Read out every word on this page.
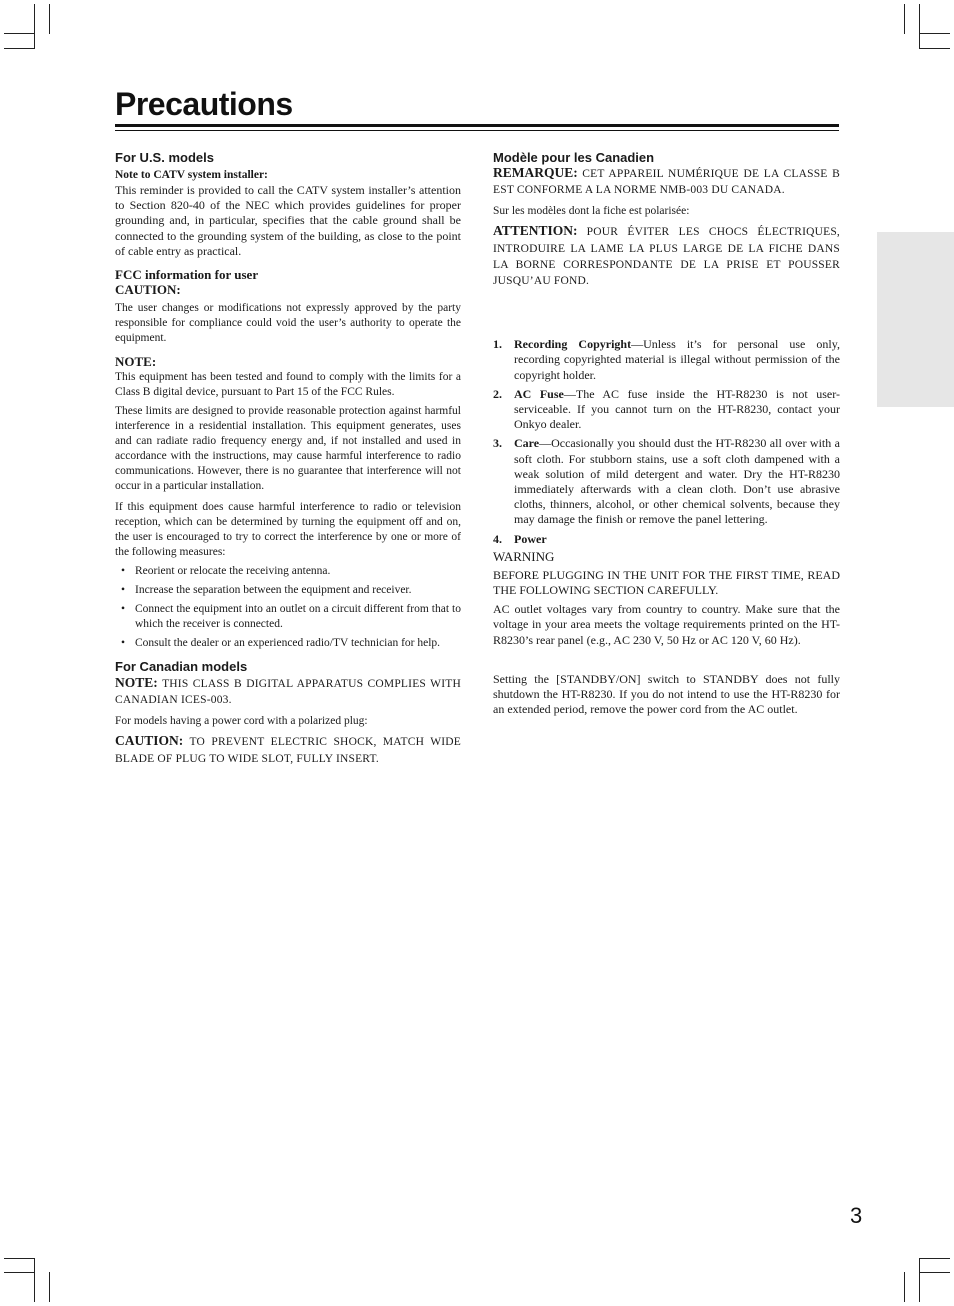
Precautions
For U.S. models
Note to CATV system installer:

This reminder is provided to call the CATV system installer’s attention to Section 820-40 of the NEC which provides guidelines for proper grounding and, in particular, specifies that the cable ground shall be connected to the grounding system of the building, as close to the point of cable entry as practical.

FCC information for user
CAUTION:

The user changes or modifications not expressly approved by the party responsible for compliance could void the user’s authority to operate the equipment.

NOTE:

This equipment has been tested and found to comply with the limits for a Class B digital device, pursuant to Part 15 of the FCC Rules.

These limits are designed to provide reasonable protection against harmful interference in a residential installation. This equipment generates, uses and can radiate radio frequency energy and, if not installed and used in accordance with the instructions, may cause harmful interference to radio communications. However, there is no guarantee that interference will not occur in a particular installation.

If this equipment does cause harmful interference to radio or television reception, which can be determined by turning the equipment off and on, the user is encouraged to try to correct the interference by one or more of the following measures:

• Reorient or relocate the receiving antenna.
• Increase the separation between the equipment and receiver.
• Connect the equipment into an outlet on a circuit different from that to which the receiver is connected.
• Consult the dealer or an experienced radio/TV technician for help.
For Canadian models

NOTE: THIS CLASS B DIGITAL APPARATUS COMPLIES WITH CANADIAN ICES-003.

For models having a power cord with a polarized plug:

CAUTION: TO PREVENT ELECTRIC SHOCK, MATCH WIDE BLADE OF PLUG TO WIDE SLOT, FULLY INSERT.

Modèle pour les Canadien

REMARQUE: CET APPAREIL NUMÉRIQUE DE LA CLASSE B EST CONFORME A LA NORME NMB-003 DU CANADA.

Sur les modèles dont la fiche est polarisée:

ATTENTION: POUR ÉVITER LES CHOCS ÉLECTRIQUES, INTRODUIRE LA LAME LA PLUS LARGE DE LA FICHE DANS LA BORNE CORRESPONDANTE DE LA PRISE ET POUSSER JUSQU’AU FOND.

1. Recording Copyright—Unless it’s for personal use only, recording copyrighted material is illegal without permission of the copyright holder.
2. AC Fuse—The AC fuse inside the HT-R8230 is not user-serviceable. If you cannot turn on the HT-R8230, contact your Onkyo dealer.
3. Care—Occasionally you should dust the HT-R8230 all over with a soft cloth. For stubborn stains, use a soft cloth dampened with a weak solution of mild detergent and water. Dry the HT-R8230 immediately afterwards with a clean cloth. Don’t use abrasive cloths, thinners, alcohol, or other chemical solvents, because they may damage the finish or remove the panel lettering.
4. Power
WARNING

BEFORE PLUGGING IN THE UNIT FOR THE FIRST TIME, READ THE FOLLOWING SECTION CAREFULLY.

AC outlet voltages vary from country to country. Make sure that the voltage in your area meets the voltage requirements printed on the HT-R8230’s rear panel (e.g., AC 230 V, 50 Hz or AC 120 V, 60 Hz).

Setting the [STANDBY/ON] switch to STANDBY does not fully shutdown the HT-R8230. If you do not intend to use the HT-R8230 for an extended period, remove the power cord from the AC outlet.

3
